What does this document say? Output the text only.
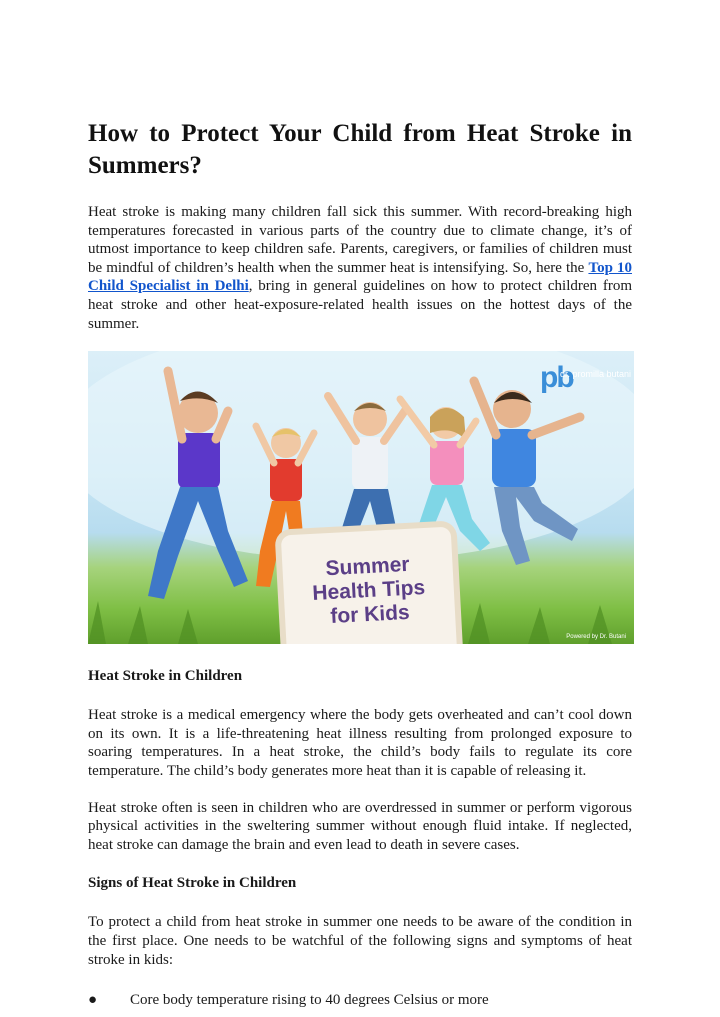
How to Protect Your Child from Heat Stroke in Summers?

Heat stroke is making many children fall sick this summer. With record-breaking high temperatures forecasted in various parts of the country due to climate change, it’s of utmost importance to keep children safe. Parents, caregivers, or families of children must be mindful of children’s health when the summer heat is intensifying. So, here the Top 10 Child Specialist in Delhi, bring in general guidelines on how to protect children from heat stroke and other heat-exposure-related health issues on the hottest days of the summer.

pb
dr. promilla butani
Summer
Health Tips
for Kids
Powered by Dr. Butani
Heat Stroke in Children

Heat stroke is a medical emergency where the body gets overheated and can’t cool down on its own. It is a life-threatening heat illness resulting from prolonged exposure to soaring temperatures. In a heat stroke, the child’s body fails to regulate its core temperature. The child’s body generates more heat than it is capable of releasing it.

Heat stroke often is seen in children who are overdressed in summer or perform vigorous physical activities in the sweltering summer without enough fluid intake. If neglected, heat stroke can damage the brain and even lead to death in severe cases.

Signs of Heat Stroke in Children

To protect a child from heat stroke in summer one needs to be aware of the condition in the first place. One needs to be watchful of the following signs and symptoms of heat stroke in kids:

● Core body temperature rising to 40 degrees Celsius or more
